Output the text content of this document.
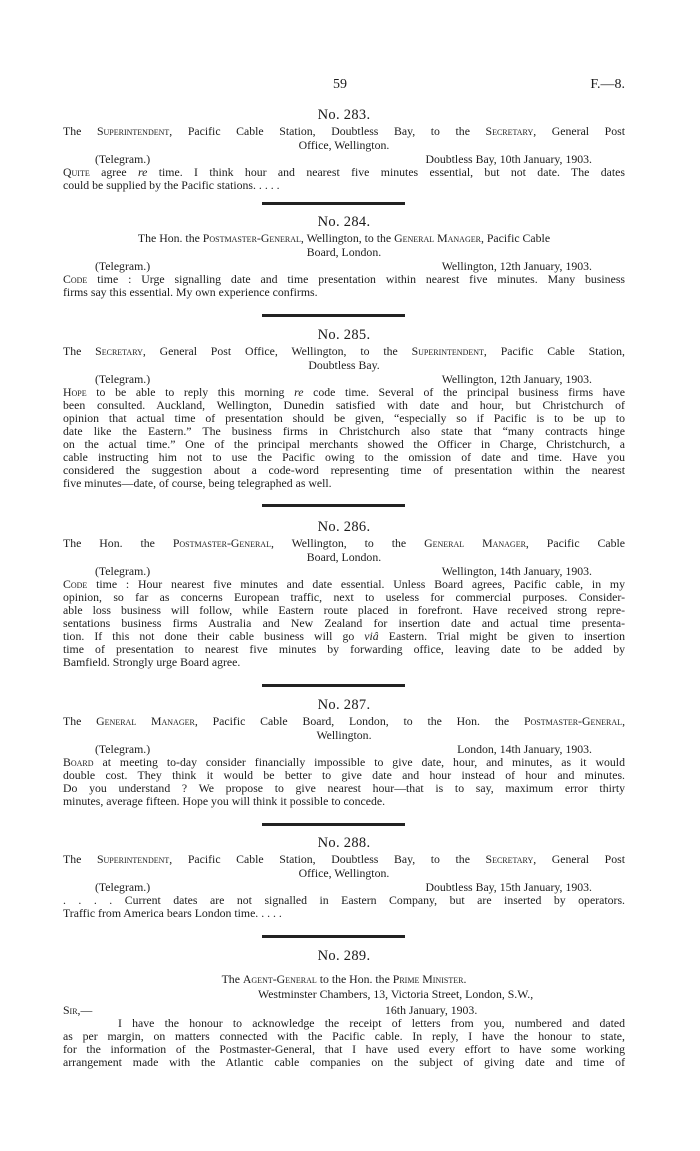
59	F.—8.
No. 283.
The Superintendent, Pacific Cable Station, Doubtless Bay, to the Secretary, General Post
Office, Wellington.
(Telegram.)	Doubtless Bay, 10th January, 1903.
Quite agree re time. I think hour and nearest five minutes essential, but not date. The dates
could be supplied by the Pacific stations. . . . .
No. 284.
The Hon. the Postmaster-General, Wellington, to the General Manager, Pacific Cable
Board, London.
(Telegram.)	Wellington, 12th January, 1903.
Code time : Urge signalling date and time presentation within nearest five minutes. Many business
firms say this essential. My own experience confirms.
No. 285.
The Secretary, General Post Office, Wellington, to the Superintendent, Pacific Cable Station,
Doubtless Bay.
(Telegram.)	Wellington, 12th January, 1903.
Hope to be able to reply this morning re code time. Several of the principal business firms have
been consulted. Auckland, Wellington, Dunedin satisfied with date and hour, but Christchurch of
opinion that actual time of presentation should be given, “especially so if Pacific is to be up to
date like the Eastern.” The business firms in Christchurch also state that “many contracts hinge
on the actual time.” One of the principal merchants showed the Officer in Charge, Christchurch, a
cable instructing him not to use the Pacific owing to the omission of date and time. Have you
considered the suggestion about a code-word representing time of presentation within the nearest
five minutes—date, of course, being telegraphed as well.
No. 286.
The Hon. the Postmaster-General, Wellington, to the General Manager, Pacific Cable
Board, London.
(Telegram.)	Wellington, 14th January, 1903.
Code time : Hour nearest five minutes and date essential. Unless Board agrees, Pacific cable, in my
opinion, so far as concerns European traffic, next to useless for commercial purposes. Consider-
able loss business will follow, while Eastern route placed in forefront. Have received strong repre-
sentations business firms Australia and New Zealand for insertion date and actual time presenta-
tion. If this not done their cable business will go viâ Eastern. Trial might be given to insertion
time of presentation to nearest five minutes by forwarding office, leaving date to be added by
Bamfield. Strongly urge Board agree.
No. 287.
The General Manager, Pacific Cable Board, London, to the Hon. the Postmaster-General,
Wellington.
(Telegram.)	London, 14th January, 1903.
Board at meeting to-day consider financially impossible to give date, hour, and minutes, as it would
double cost. They think it would be better to give date and hour instead of hour and minutes.
Do you understand ? We propose to give nearest hour—that is to say, maximum error thirty
minutes, average fifteen. Hope you will think it possible to concede.
No. 288.
The Superintendent, Pacific Cable Station, Doubtless Bay, to the Secretary, General Post
Office, Wellington.
(Telegram.)	Doubtless Bay, 15th January, 1903.
. . . . Current dates are not signalled in Eastern Company, but are inserted by operators.
Traffic from America bears London time. . . . .
No. 289.
The Agent-General to the Hon. the Prime Minister.
Westminster Chambers, 13, Victoria Street, London, S.W.,
Sir,—	16th January, 1903.
I have the honour to acknowledge the receipt of letters from you, numbered and dated
as per margin, on matters connected with the Pacific cable. In reply, I have the honour to state,
for the information of the Postmaster-General, that I have used every effort to have some working
arrangement made with the Atlantic cable companies on the subject of giving date and time of
